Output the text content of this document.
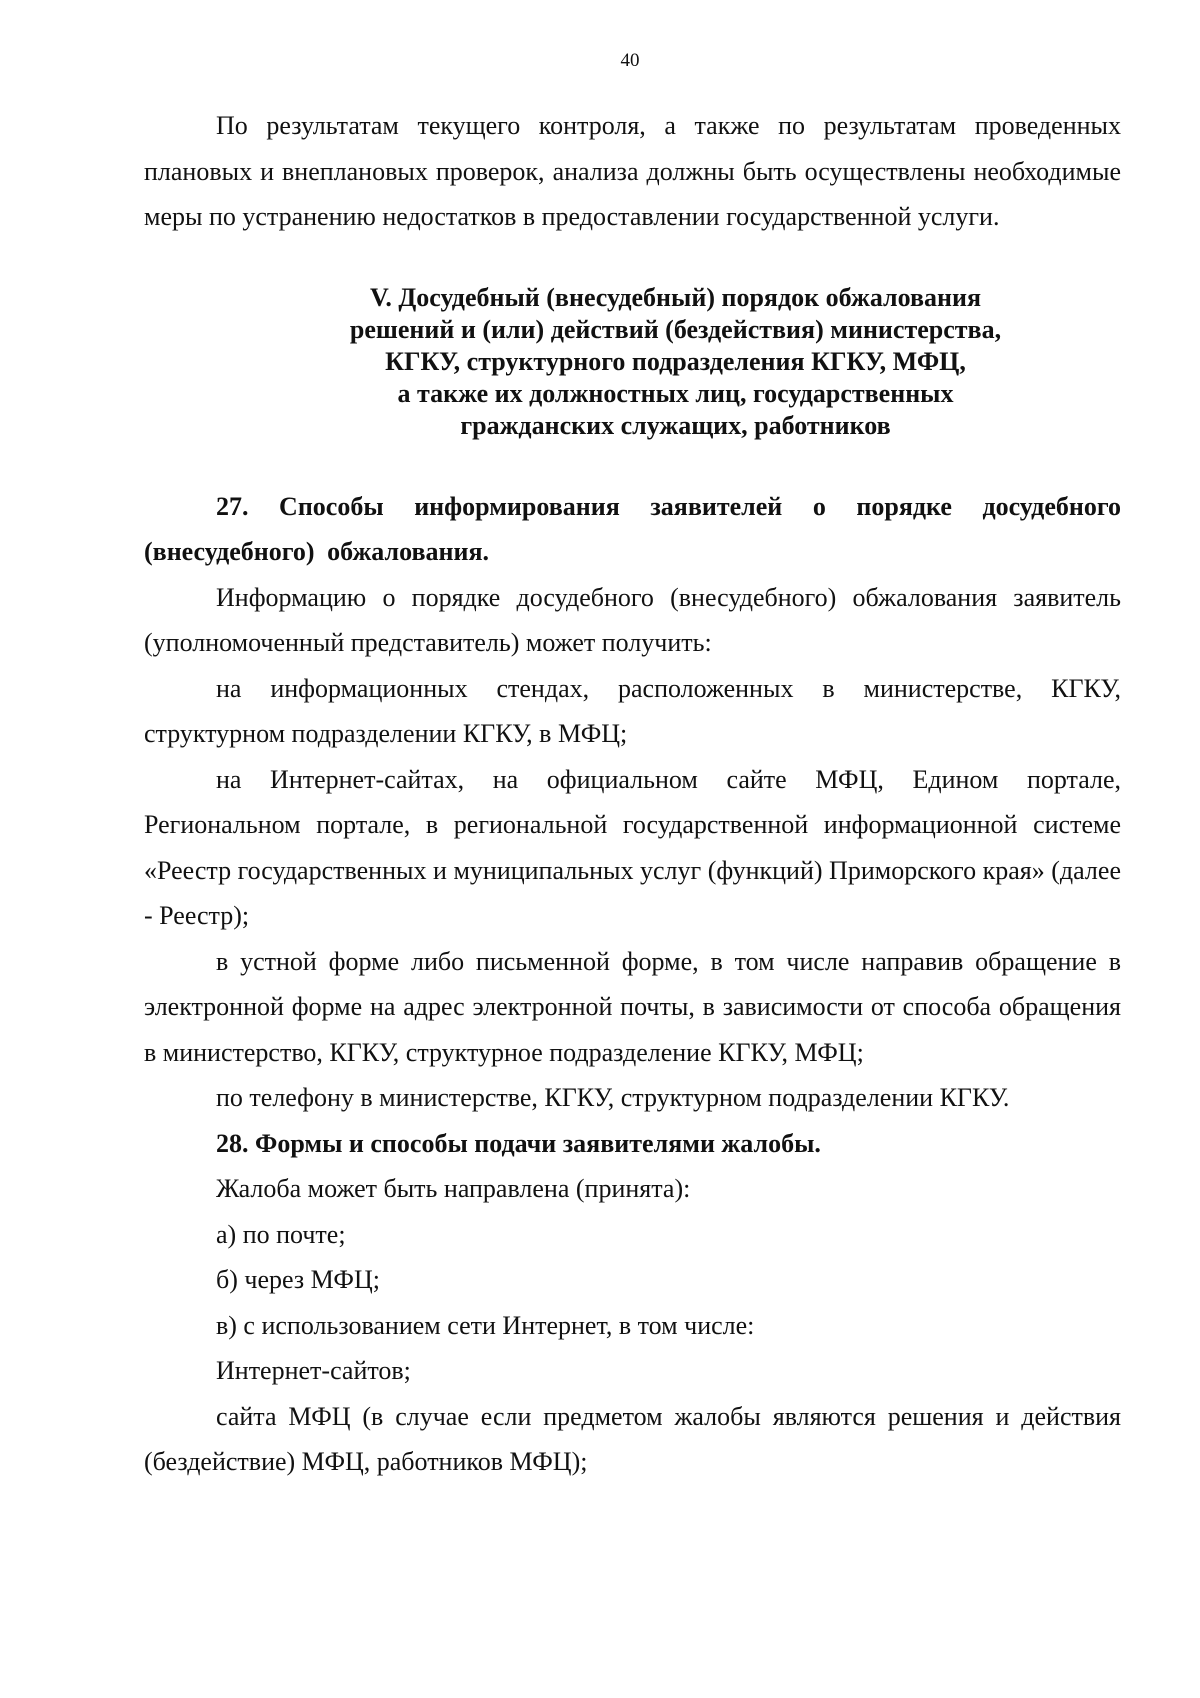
40

По результатам текущего контроля, а также по результатам проведенных плановых и внеплановых проверок, анализа должны быть осуществлены необходимые меры по устранению недостатков в предоставлении государственной услуги.

V. Досудебный (внесудебный) порядок обжалования
решений и (или) действий (бездействия) министерства,
КГКУ, структурного подразделения КГКУ, МФЦ,
а также их должностных лиц, государственных
гражданских служащих, работников

27. Способы информирования заявителей о порядке досудебного (внесудебного) обжалования.

Информацию о порядке досудебного (внесудебного) обжалования заявитель (уполномоченный представитель) может получить:

на информационных стендах, расположенных в министерстве, КГКУ, структурном подразделении КГКУ, в МФЦ;

на Интернет-сайтах, на официальном сайте МФЦ, Едином портале, Региональном портале, в региональной государственной информационной системе «Реестр государственных и муниципальных услуг (функций) Приморского края» (далее - Реестр);

в устной форме либо письменной форме, в том числе направив обращение в электронной форме на адрес электронной почты, в зависимости от способа обращения в министерство, КГКУ, структурное подразделение КГКУ, МФЦ;

по телефону в министерстве, КГКУ, структурном подразделении КГКУ.

28. Формы и способы подачи заявителями жалобы.

Жалоба может быть направлена (принята):

а) по почте;

б) через МФЦ;

в) с использованием сети Интернет, в том числе:

Интернет-сайтов;

сайта МФЦ (в случае если предметом жалобы являются решения и действия (бездействие) МФЦ, работников МФЦ);
